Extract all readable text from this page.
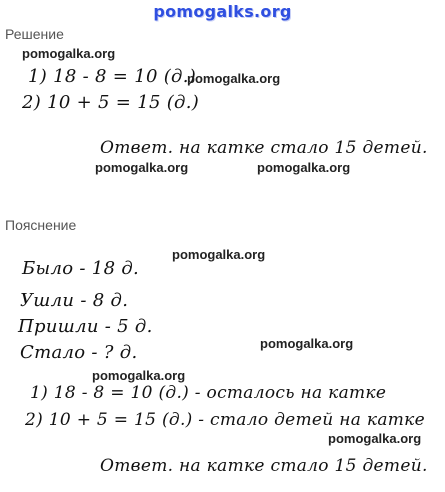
pomogalks.org
Решение
pomogalka.org
1) 18 - 8 = 10 (д.)
pomogalka.org
2) 10 + 5 = 15 (д.)
Ответ. на катке стало 15 детей.
pomogalka.org	pomogalka.org
Пояснение
pomogalka.org
Было - 18 д.
Ушли - 8 д.
Пришли - 5 д.
pomogalka.org
Стало - ? д.
pomogalka.org
1) 18 - 8 = 10 (д.) - осталось на катке
2) 10 + 5 = 15 (д.) - стало детей на катке
pomogalka.org
Ответ. на катке стало 15 детей.
